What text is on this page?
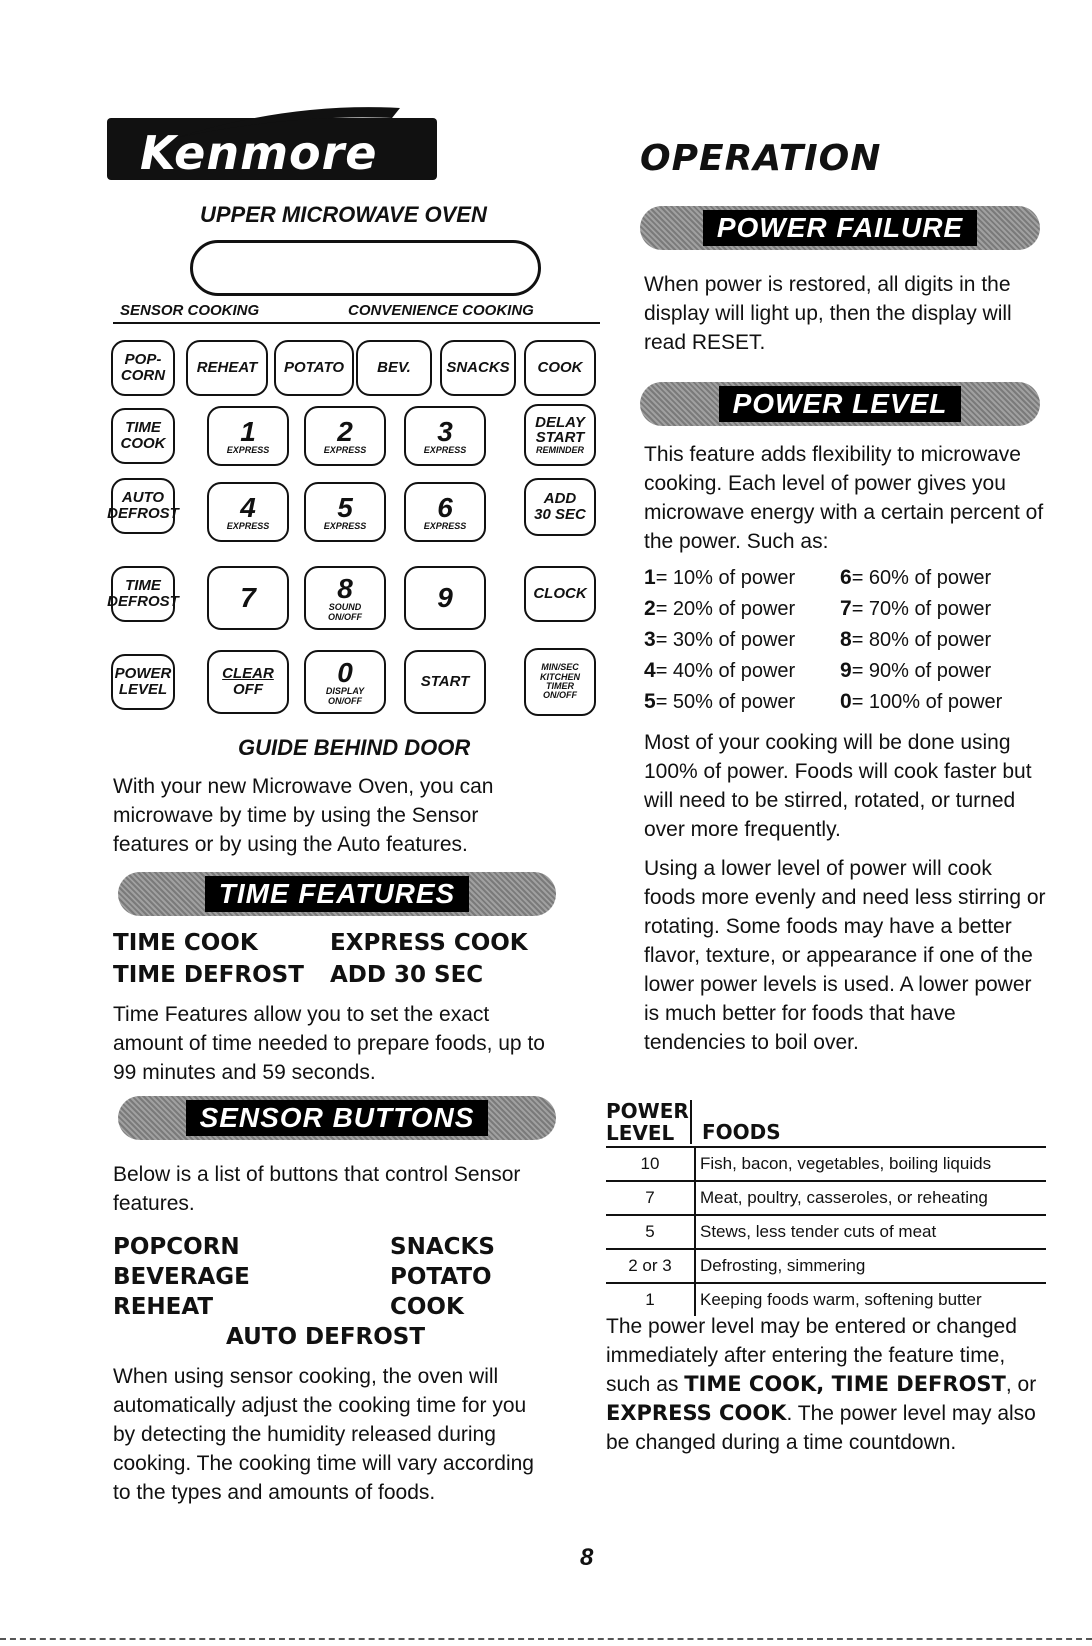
Kenmore
UPPER MICROWAVE OVEN
SENSOR COOKING	CONVENIENCE COOKING
POP-
CORN REHEAT POTATO BEV. SNACKS COOK
TIME
COOK
AUTO
DEFROST
TIME
DEFROST
POWER
LEVEL
DELAY
START
REMINDER
ADD
30 SEC
CLOCK
MIN/SEC
KITCHEN
TIMER
ON/OFF
1
EXPRESS
2
EXPRESS
3
EXPRESS
4
EXPRESS
5
EXPRESS
6
EXPRESS
7	8
SOUND
ON/OFF
9
CLEAR
OFF
0
DISPLAY
ON/OFF
START
GUIDE BEHIND DOOR
With your new Microwave Oven, you can microwave by time by using the Sensor features or by using the Auto features.
TIME FEATURES
TIME COOK	EXPRESS COOK
TIME DEFROST ADD 30 SEC
Time Features allow you to set the exact amount of time needed to prepare foods, up to 99 minutes and 59 seconds.
SENSOR BUTTONS
Below is a list of buttons that control Sensor features.
POPCORN	SNACKS
BEVERAGE	POTATO
REHEAT	COOK
AUTO DEFROST
When using sensor cooking, the oven will automatically adjust the cooking time for you by detecting the humidity released during cooking. The cooking time will vary according to the types and amounts of foods.
OPERATION
POWER FAILURE
When power is restored, all digits in the display will light up, then the display will read RESET.
POWER LEVEL
This feature adds flexibility to microwave cooking. Each level of power gives you microwave energy with a certain percent of the power. Such as:
1= 10% of power 6= 60% of power
2= 20% of power 7= 70% of power
3= 30% of power 8= 80% of power
4= 40% of power 9= 90% of power
5= 50% of power 0= 100% of power
Most of your cooking will be done using 100% of power. Foods will cook faster but will need to be stirred, rotated, or turned over more frequently.
Using a lower level of power will cook foods more evenly and need less stirring or rotating. Some foods may have a better flavor, texture, or appearance if one of the lower power levels is used. A lower power is much better for foods that have tendencies to boil over.
POWER
LEVEL	FOODS
10	Fish, bacon, vegetables, boiling liquids
7	Meat, poultry, casseroles, or reheating
5	Stews, less tender cuts of meat
2 or 3	Defrosting, simmering
1	Keeping foods warm, softening butter
The power level may be entered or changed immediately after entering the feature time, such as TIME COOK, TIME DEFROST, or EXPRESS COOK. The power level may also be changed during a time countdown.
8
